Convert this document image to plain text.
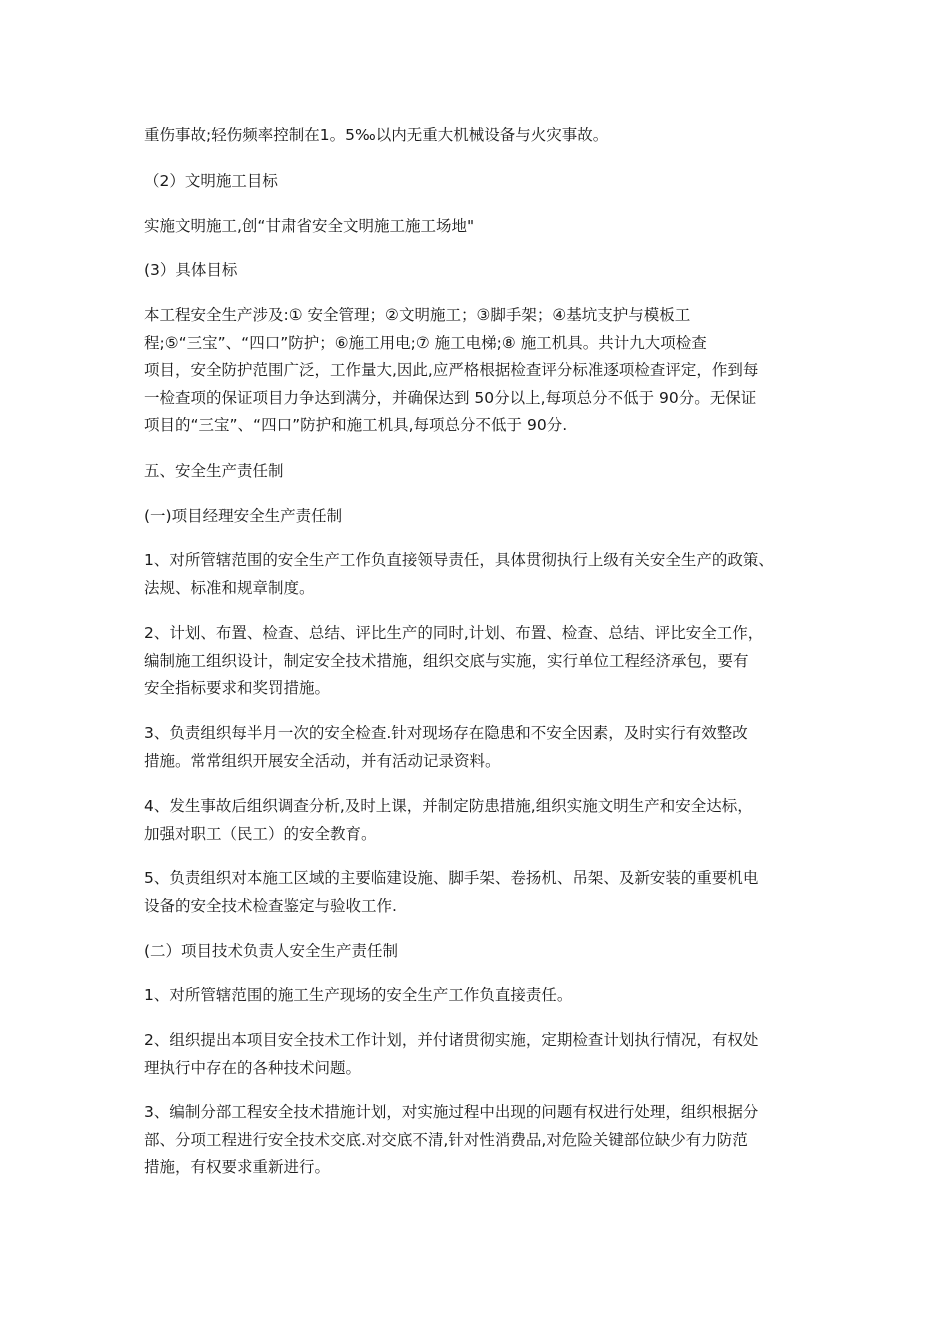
重伤事故;轻伤频率控制在1。5‰以内无重大机械设备与火灾事故。

（2）文明施工目标

实施文明施工,创“甘肃省安全文明施工施工场地"

(3）具体目标

本工程安全生产涉及:① 安全管理；②文明施工；③脚手架；④基坑支护与模板工
程;⑤“三宝”、“四口”防护；⑥施工用电;⑦ 施工电梯;⑧ 施工机具。共计九大项检查
项目，安全防护范围广泛，工作量大,因此,应严格根据检查评分标准逐项检查评定，作到每
一检查项的保证项目力争达到满分，并确保达到 50分以上,每项总分不低于 90分。无保证
项目的“三宝”、“四口”防护和施工机具,每项总分不低于 90分.

五、安全生产责任制

(一)项目经理安全生产责任制

1、对所管辖范围的安全生产工作负直接领导责任，具体贯彻执行上级有关安全生产的政策、
法规、标准和规章制度。

2、计划、布置、检查、总结、评比生产的同时,计划、布置、检查、总结、评比安全工作，
编制施工组织设计，制定安全技术措施，组织交底与实施，实行单位工程经济承包，要有
安全指标要求和奖罚措施。

3、负责组织每半月一次的安全检查.针对现场存在隐患和不安全因素，及时实行有效整改
措施。常常组织开展安全活动，并有活动记录资料。

4、发生事故后组织调查分析,及时上课，并制定防患措施,组织实施文明生产和安全达标，
加强对职工（民工）的安全教育。

5、负责组织对本施工区域的主要临建设施、脚手架、卷扬机、吊架、及新安装的重要机电
设备的安全技术检查鉴定与验收工作.

(二）项目技术负责人安全生产责任制

1、对所管辖范围的施工生产现场的安全生产工作负直接责任。

2、组织提出本项目安全技术工作计划，并付诸贯彻实施，定期检查计划执行情况，有权处
理执行中存在的各种技术问题。

3、编制分部工程安全技术措施计划，对实施过程中出现的问题有权进行处理，组织根据分
部、分项工程进行安全技术交底.对交底不清,针对性消费品,对危险关键部位缺少有力防范
措施，有权要求重新进行。
